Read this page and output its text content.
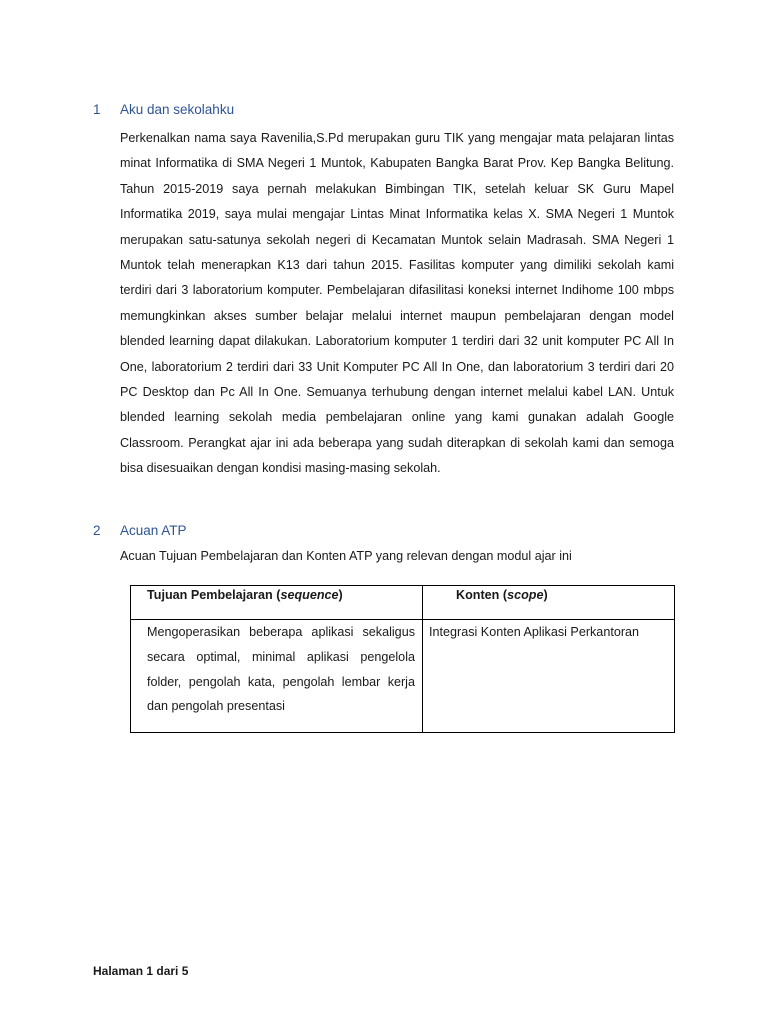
1	Aku dan sekolahku

Perkenalkan nama saya Ravenilia,S.Pd merupakan guru TIK yang mengajar mata pelajaran lintas minat Informatika di SMA Negeri 1 Muntok, Kabupaten Bangka Barat Prov. Kep Bangka Belitung. Tahun 2015-2019 saya pernah melakukan Bimbingan TIK, setelah keluar SK Guru Mapel Informatika 2019, saya mulai mengajar Lintas Minat Informatika kelas X. SMA Negeri 1 Muntok merupakan satu-satunya sekolah negeri di Kecamatan Muntok selain Madrasah. SMA Negeri 1 Muntok telah menerapkan K13 dari tahun 2015. Fasilitas komputer yang dimiliki sekolah kami terdiri dari 3 laboratorium komputer. Pembelajaran difasilitasi koneksi internet Indihome 100 mbps memungkinkan akses sumber belajar melalui internet maupun pembelajaran dengan model blended learning dapat dilakukan. Laboratorium komputer 1 terdiri dari 32 unit komputer PC All In One, laboratorium 2 terdiri dari 33 Unit Komputer PC All In One, dan laboratorium 3 terdiri dari 20 PC Desktop dan Pc All In One. Semuanya terhubung dengan internet melalui kabel LAN. Untuk blended learning sekolah media pembelajaran online yang kami gunakan adalah Google Classroom. Perangkat ajar ini ada beberapa yang sudah diterapkan di sekolah kami dan semoga bisa disesuaikan dengan kondisi masing-masing sekolah.

2	Acuan ATP
Acuan Tujuan Pembelajaran dan Konten ATP yang relevan dengan modul ajar ini
Tujuan Pembelajaran (sequence)	Konten (scope)

Mengoperasikan beberapa aplikasi sekaligus secara optimal, minimal aplikasi pengelola folder, pengolah kata, pengolah lembar kerja dan pengolah presentasi	Integrasi Konten Aplikasi Perkantoran
Halaman 1 dari 5
